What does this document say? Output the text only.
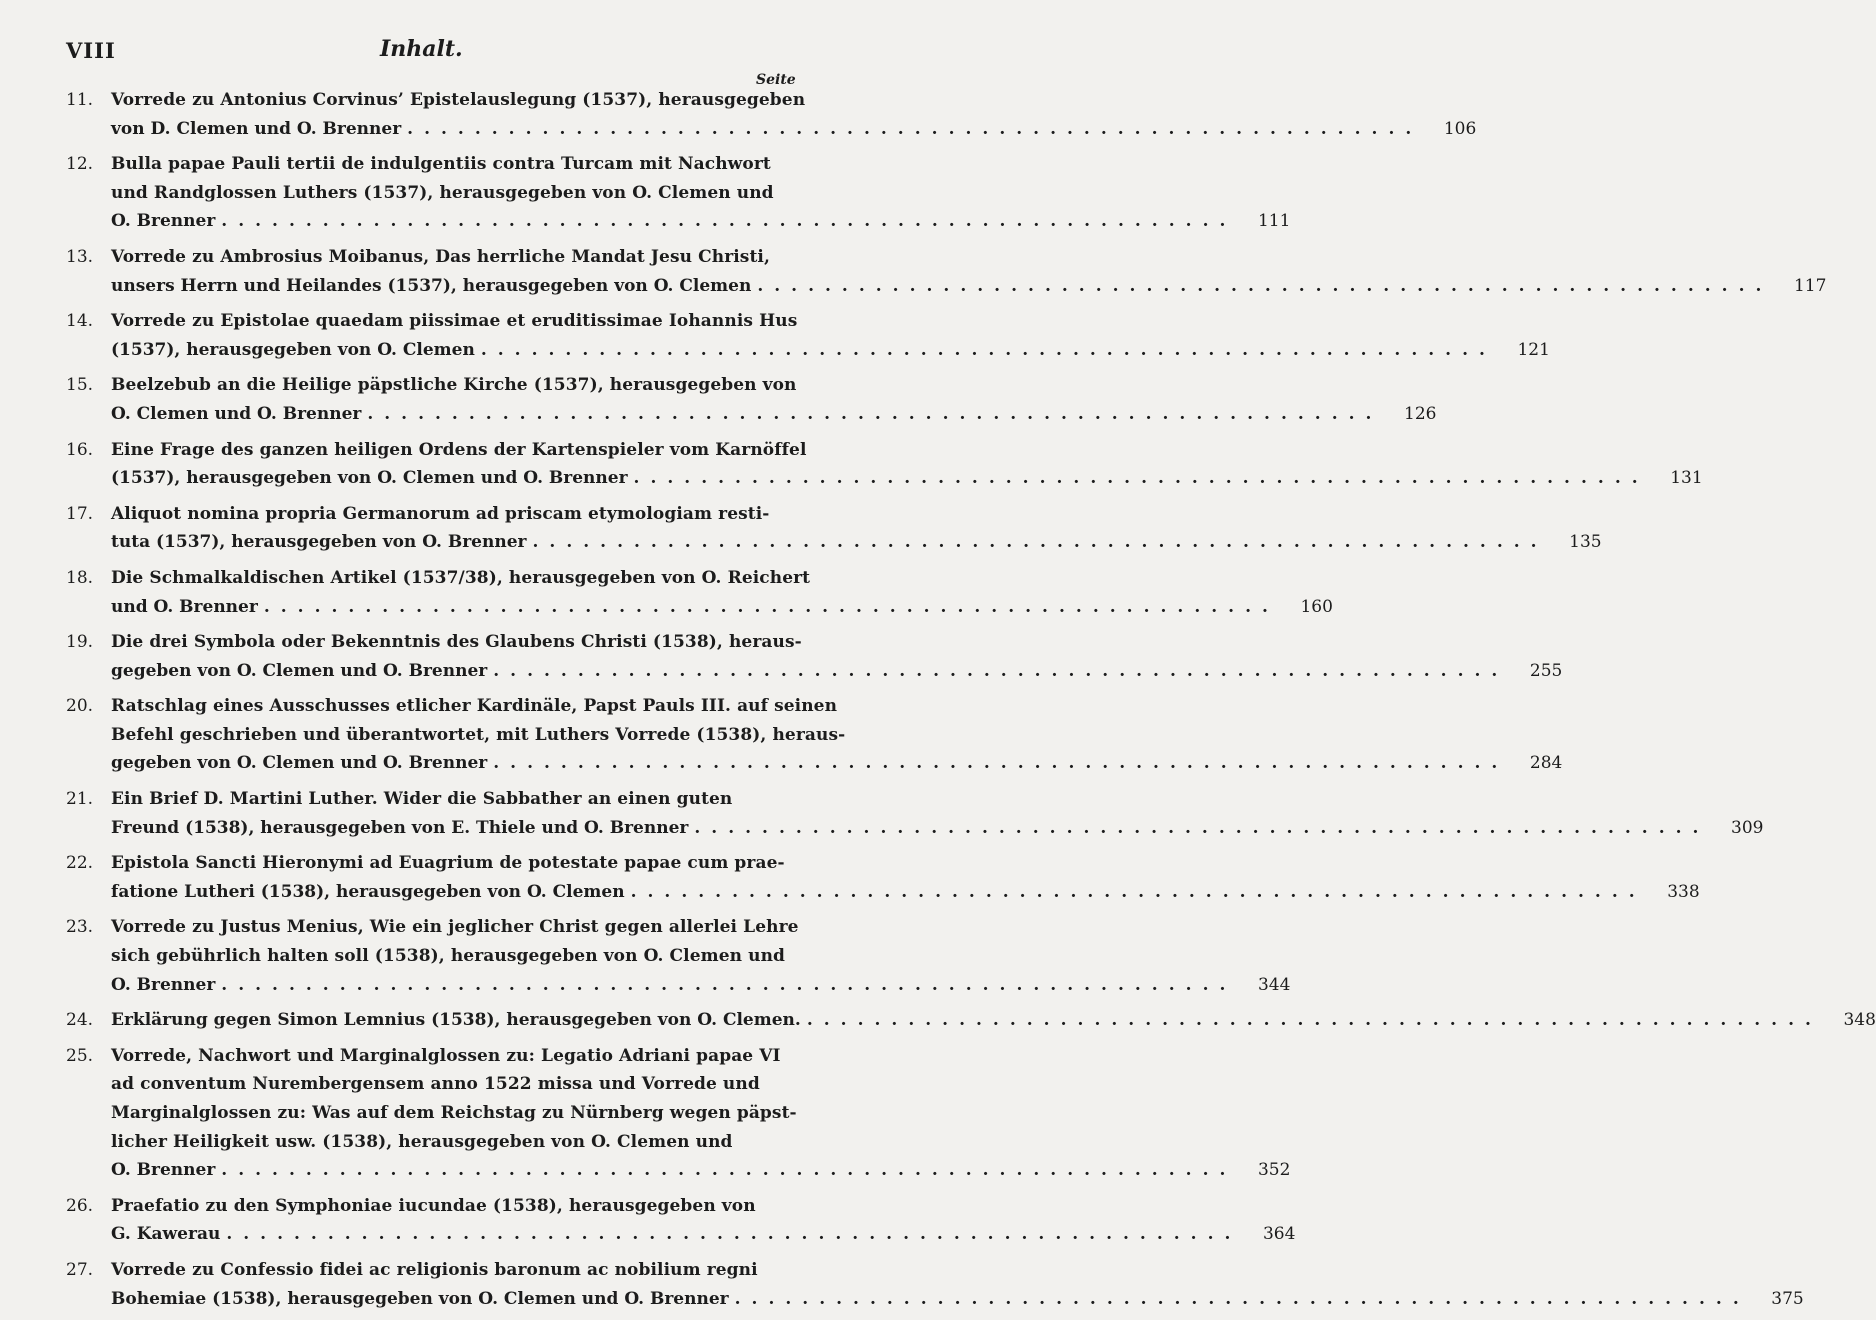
VIII	Inhalt.
Seite
11.	Vorrede zu Antonius Corvinus’ Epistelauslegung (1537), herausgegeben
von D. Clemen und O. Brenner ............................................................	106
12.	Bulla papae Pauli tertii de indulgentiis contra Turcam mit Nachwort
und Randglossen Luthers (1537), herausgegeben von O. Clemen und
O. Brenner ............................................................	111
13.	Vorrede zu Ambrosius Moibanus, Das herrliche Mandat Jesu Christi,
unsers Herrn und Heilandes (1537), herausgegeben von O. Clemen ............................................................	117
14.	Vorrede zu Epistolae quaedam piissimae et eruditissimae Iohannis Hus
(1537), herausgegeben von O. Clemen ............................................................	121
15.	Beelzebub an die Heilige päpstliche Kirche (1537), herausgegeben von
O. Clemen und O. Brenner ............................................................	126
16.	Eine Frage des ganzen heiligen Ordens der Kartenspieler vom Karnöffel
(1537), herausgegeben von O. Clemen und O. Brenner ............................................................	131
17.	Aliquot nomina propria Germanorum ad priscam etymologiam resti-
tuta (1537), herausgegeben von O. Brenner ............................................................	135
18.	Die Schmalkaldischen Artikel (1537/38), herausgegeben von O. Reichert
und O. Brenner ............................................................	160
19.	Die drei Symbola oder Bekenntnis des Glaubens Christi (1538), heraus-
gegeben von O. Clemen und O. Brenner ............................................................	255
20.	Ratschlag eines Ausschusses etlicher Kardinäle, Papst Pauls III. auf seinen
Befehl geschrieben und überantwortet, mit Luthers Vorrede (1538), heraus-
gegeben von O. Clemen und O. Brenner ............................................................	284
21.	Ein Brief D. Martini Luther. Wider die Sabbather an einen guten
Freund (1538), herausgegeben von E. Thiele und O. Brenner ............................................................	309
22.	Epistola Sancti Hieronymi ad Euagrium de potestate papae cum prae-
fatione Lutheri (1538), herausgegeben von O. Clemen ............................................................	338
23.	Vorrede zu Justus Menius, Wie ein jeglicher Christ gegen allerlei Lehre
sich gebührlich halten soll (1538), herausgegeben von O. Clemen und
O. Brenner ............................................................	344
24.	Erklärung gegen Simon Lemnius (1538), herausgegeben von O. Clemen. ............................................................	348
25.	Vorrede, Nachwort und Marginalglossen zu: Legatio Adriani papae VI
ad conventum Nurembergensem anno 1522 missa und Vorrede und
Marginalglossen zu: Was auf dem Reichstag zu Nürnberg wegen päpst-
licher Heiligkeit usw. (1538), herausgegeben von O. Clemen und
O. Brenner ............................................................	352
26.	Praefatio zu den Symphoniae iucundae (1538), herausgegeben von
G. Kawerau ............................................................	364
27.	Vorrede zu Confessio fidei ac religionis baronum ac nobilium regni
Bohemiae (1538), herausgegeben von O. Clemen und O. Brenner ............................................................	375
